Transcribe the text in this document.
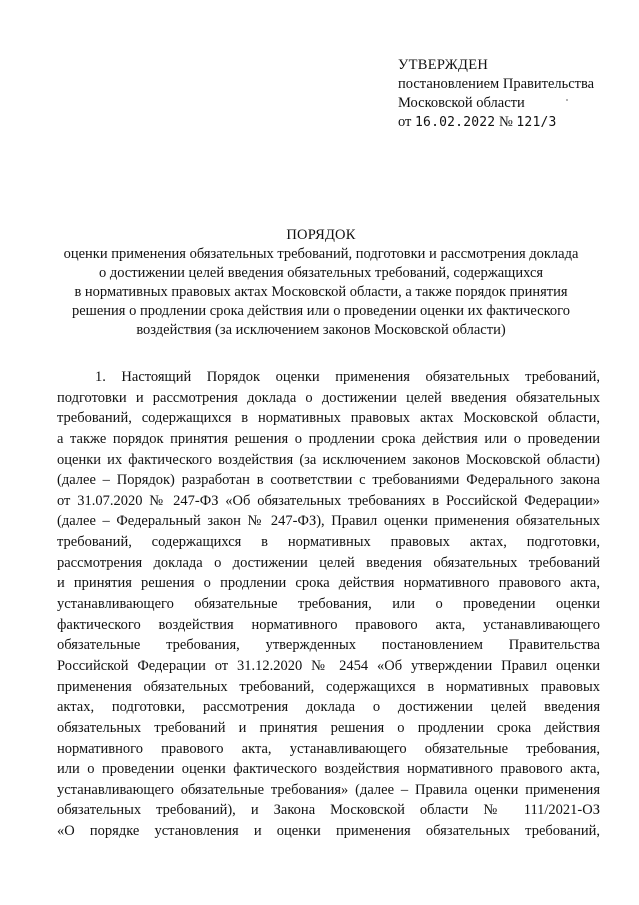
УТВЕРЖДЕН
постановлением Правительства
Московской области
от 16.02.2022 № 121/3
ПОРЯДОК
оценки применения обязательных требований, подготовки и рассмотрения доклада
о достижении целей введения обязательных требований, содержащихся
в нормативных правовых актах Московской области, а также порядок принятия
решения о продлении срока действия или о проведении оценки их фактического
воздействия (за исключением законов Московской области)
1. Настоящий Порядок оценки применения обязательных требований,
подготовки и рассмотрения доклада о достижении целей введения обязательных
требований, содержащихся в нормативных правовых актах Московской области,
а также порядок принятия решения о продлении срока действия или о проведении
оценки их фактического воздействия (за исключением законов Московской области)
(далее – Порядок) разработан в соответствии с требованиями Федерального закона
от 31.07.2020 № 247-ФЗ «Об обязательных требованиях в Российской Федерации»
(далее – Федеральный закон № 247-ФЗ), Правил оценки применения обязательных
требований, содержащихся в нормативных правовых актах, подготовки,
рассмотрения доклада о достижении целей введения обязательных требований
и принятия решения о продлении срока действия нормативного правового акта,
устанавливающего обязательные требования, или о проведении оценки
фактического воздействия нормативного правового акта, устанавливающего
обязательные требования, утвержденных постановлением Правительства
Российской Федерации от 31.12.2020 № 2454 «Об утверждении Правил оценки
применения обязательных требований, содержащихся в нормативных правовых
актах, подготовки, рассмотрения доклада о достижении целей введения
обязательных требований и принятия решения о продлении срока действия
нормативного правового акта, устанавливающего обязательные требования,
или о проведении оценки фактического воздействия нормативного правового акта,
устанавливающего обязательные требования» (далее – Правила оценки применения
обязательных требований), и Закона Московской области № 111/2021-ОЗ
«О порядке установления и оценки применения обязательных требований,
